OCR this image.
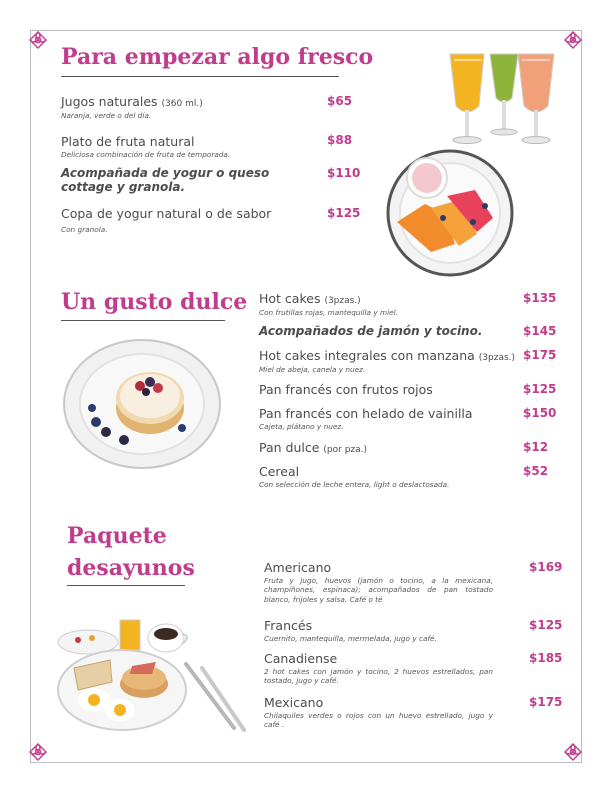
Para empezar algo fresco
Jugos naturales (360 ml.)
Naranja, verde o del día.
$65
Plato de fruta natural
Deliciosa combinación de fruta de temporada.
$88
Acompañada de yogur o queso cottage y granola.
$110
Copa de yogur natural o de sabor
Con granola.
$125
Un gusto dulce Hot cakes (3pzas.)
Con frutillas rojas, mantequilla y miel.
$135
Acompañados de jamón y tocino.	$145
Hot cakes integrales con manzana (3pzas.)
Miel de abeja, canela y nuez.
$175
Pan francés con frutos rojos	$125
Pan francés con helado de vainilla
Cajeta, plátano y nuez.
$150
Pan dulce (por pza.)	$12
Cereal
Con selección de leche entera, light o deslactosada.
$52
Paquete
desayunos	Americano
Fruta y jugo, huevos (jamón o tocino, a la mexicana, champiñones, espinaca); acompañados de pan tostado blanco, frijoles y salsa. Café o té
$169
Francés
Cuernito, mantequilla, mermelada, jugo y café.
$125
Canadiense
2 hot cakes con jamón y tocino, 2 huevos estrellados, pan tostado, jugo y café.
$185
Mexicano
Chilaquiles verdes o rojos con un huevo estrellado, jugo y café .
$175
